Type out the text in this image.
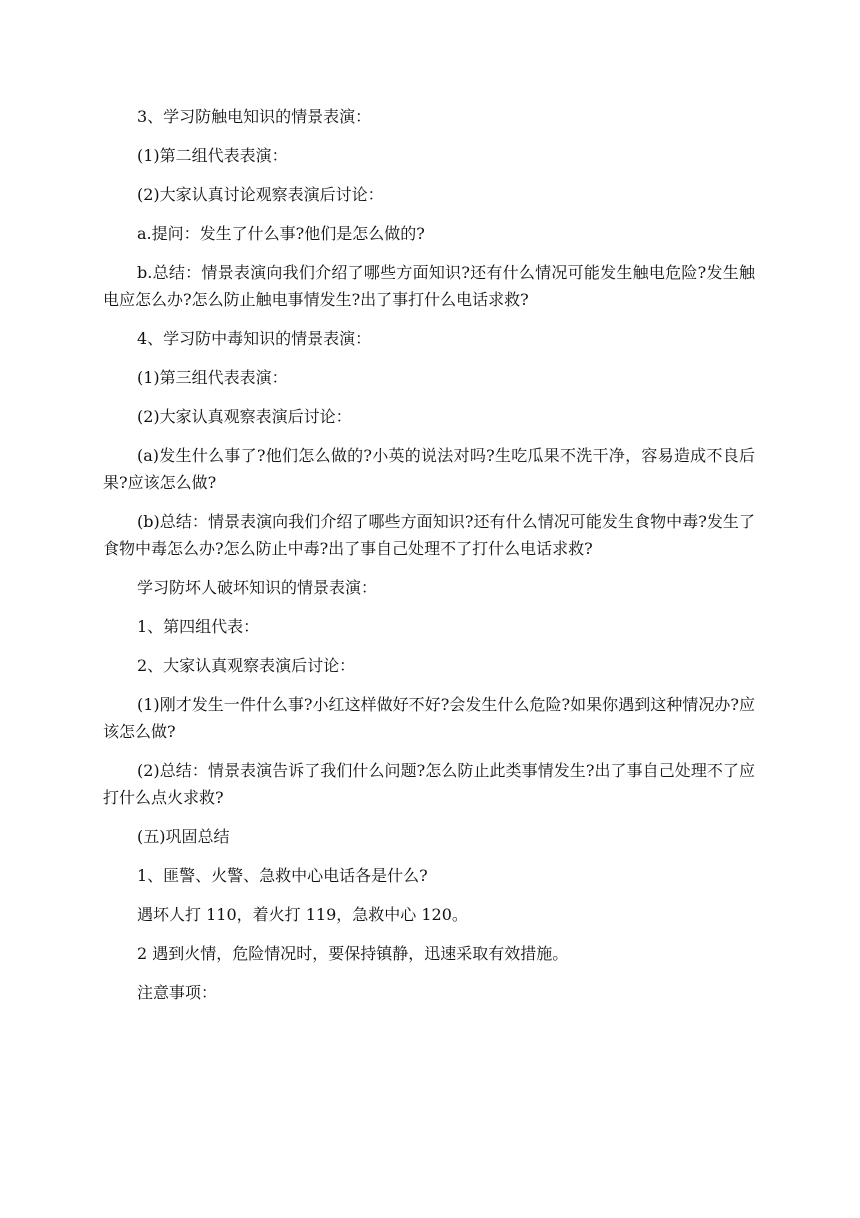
3、学习防触电知识的情景表演：

(1)第二组代表表演：

(2)大家认真讨论观察表演后讨论：

a.提问：发生了什么事?他们是怎么做的?

b.总结：情景表演向我们介绍了哪些方面知识?还有什么情况可能发生触电危险?发生触电应怎么办?怎么防止触电事情发生?出了事打什么电话求救?

4、学习防中毒知识的情景表演：

(1)第三组代表表演：

(2)大家认真观察表演后讨论：

(a)发生什么事了?他们怎么做的?小英的说法对吗?生吃瓜果不洗干净，容易造成不良后果?应该怎么做?

(b)总结：情景表演向我们介绍了哪些方面知识?还有什么情况可能发生食物中毒?发生了食物中毒怎么办?怎么防止中毒?出了事自己处理不了打什么电话求救?

学习防坏人破坏知识的情景表演：

1、第四组代表：

2、大家认真观察表演后讨论：

(1)刚才发生一件什么事?小红这样做好不好?会发生什么危险?如果你遇到这种情况办?应该怎么做?

(2)总结：情景表演告诉了我们什么问题?怎么防止此类事情发生?出了事自己处理不了应打什么点火求救?

(五)巩固总结

1、匪警、火警、急救中心电话各是什么?

遇坏人打 110，着火打 119，急救中心 120。

2 遇到火情，危险情况时，要保持镇静，迅速采取有效措施。

注意事项：
